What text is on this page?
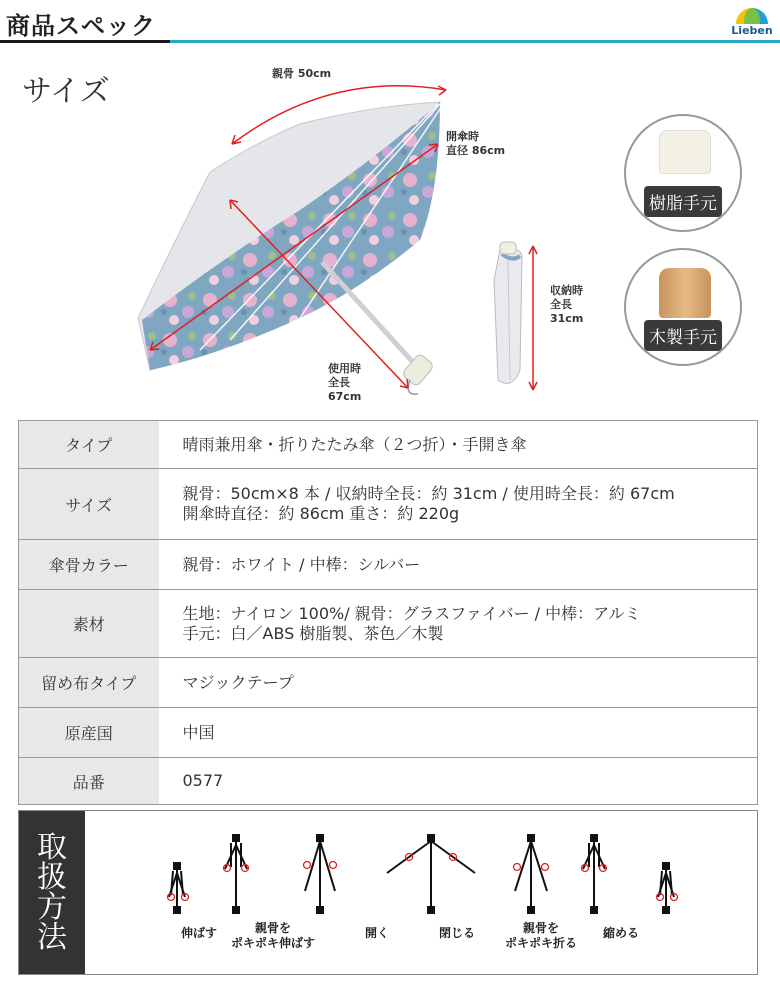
商品スペック	Lieben
サイズ
親骨 50cm
開傘時
直径 86cm
使用時
全長
67cm
収納時
全長
31cm
樹脂手元
木製手元
タイプ	晴雨兼用傘・折りたたみ傘（２つ折）・手開き傘

サイズ	親骨：50cm×8 本 / 収納時全長：約 31cm / 使用時全長：約 67cm
開傘時直径：約 86cm 重さ：約 220g

傘骨カラー	親骨：ホワイト / 中棒：シルバー

素材	生地：ナイロン 100%/ 親骨：グラスファイバー / 中棒：アルミ
手元：白／ABS 樹脂製、茶色／木製

留め布タイプ	マジックテープ

原産国	中国

品番	0577
取
扱
方
法	伸ばす	親骨を
ポキポキ伸ばす
開く	閉じる	親骨を
ポキポキ折る
縮める
